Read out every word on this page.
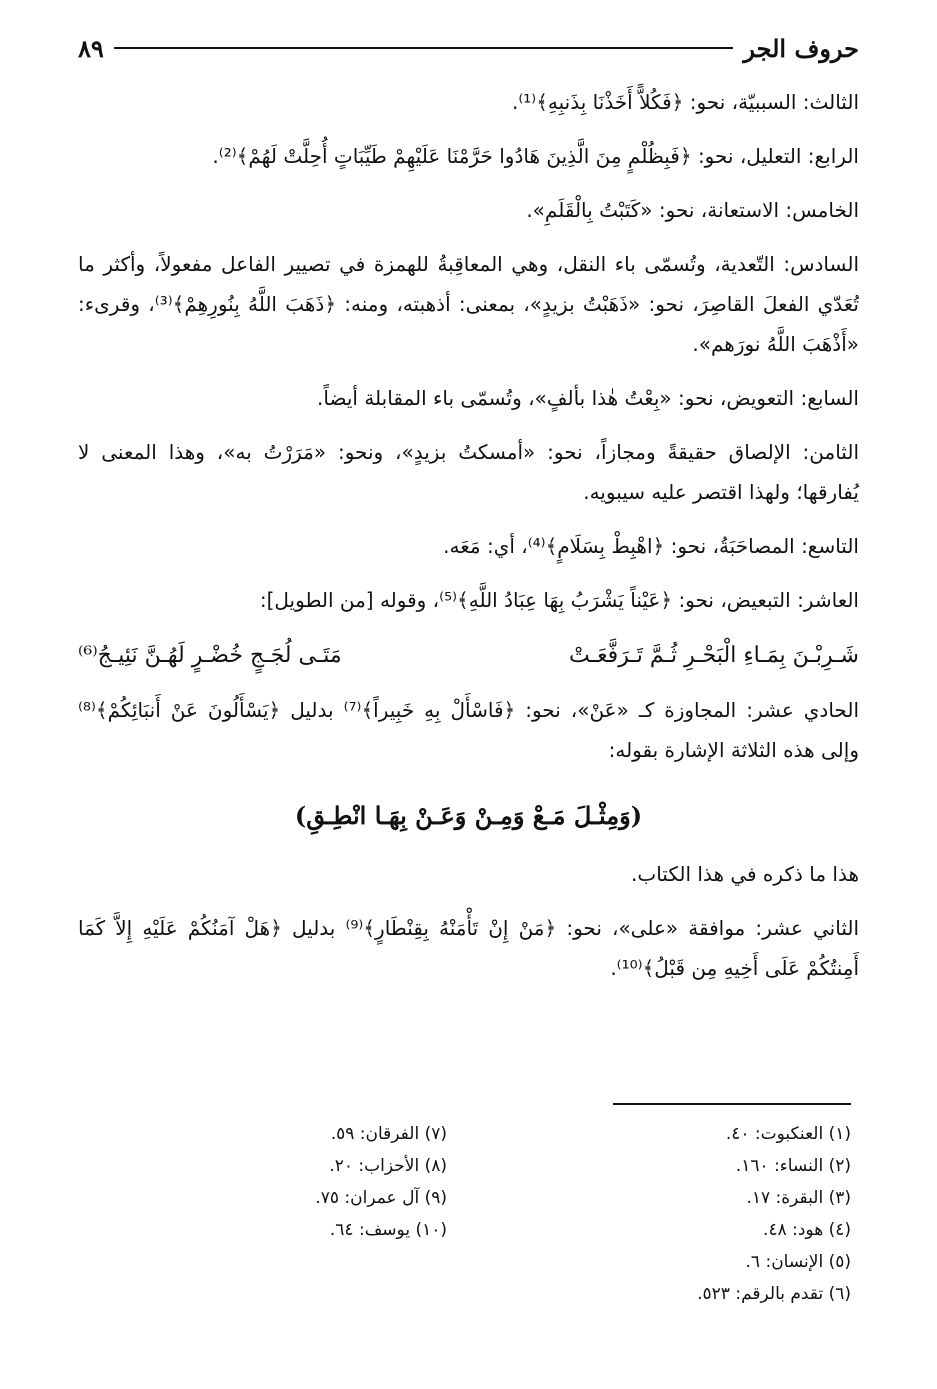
حروف الجر
٨٩

الثالث: السببيّة، نحو: ﴿فَكُلاًّ أَخَذْنَا بِذَنبِهِ﴾⁽¹⁾.

الرابع: التعليل، نحو: ﴿فَبِظُلْمٍ مِنَ الَّذِينَ هَادُوا حَرَّمْنَا عَلَيْهِمْ طَيِّبَاتٍ أُحِلَّتْ لَهُمْ﴾⁽²⁾.

الخامس: الاستعانة، نحو: «كَتَبْتُ بِالْقَلَمِ».

السادس: التّعدية، وتُسمّى باء النقل، وهي المعاقِبةُ للهمزة في تصيير الفاعل مفعولاً، وأكثر ما تُعَدّي الفعلَ القاصِرَ، نحو: «ذَهَبْتُ بزيدٍ»، بمعنى: أذهبته، ومنه: ﴿ذَهَبَ اللَّهُ بِنُورِهِمْ﴾⁽³⁾، وقرىء: «أَذْهَبَ اللَّهُ نورَهم».

السابع: التعويض، نحو: «بِعْتُ هٰذا بألفٍ»، وتُسمّى باء المقابلة أيضاً.

الثامن: الإلصاق حقيقةً ومجازاً، نحو: «أمسكتُ بزيدٍ»، ونحو: «مَرَرْتُ به»، وهذا المعنى لا يُفارقها؛ ولهذا اقتصر عليه سيبويه.

التاسع: المصاحَبَةُ، نحو: ﴿اهْبِطْ بِسَلَامٍ﴾⁽⁴⁾، أي: مَعَه.

العاشر: التبعيض، نحو: ﴿عَيْناً يَشْرَبُ بِهَا عِبَادُ اللَّهِ﴾⁽⁵⁾، وقوله [من الطويل]:

شَـرِبْـنَ بِمَـاءِ الْبَحْـرِ ثُـمَّ تَـرَفَّعَـتْ
مَتَـى لُجَـجٍ خُضْـرٍ لَهُـنَّ نَئِيـجُ⁽⁶⁾

الحادي عشر: المجاوزة كـ «عَنْ»، نحو: ﴿فَاسْأَلْ بِهِ خَبِيراً﴾⁽⁷⁾ بدليل ﴿يَسْأَلُونَ عَنْ أَنبَائِكُمْ﴾⁽⁸⁾ وإلى هذه الثلاثة الإشارة بقوله:

(وَمِثْـلَ مَـعْ وَمِـنْ وَعَـنْ بِهَـا انْطِـقِ)

هذا ما ذكره في هذا الكتاب.

الثاني عشر: موافقة «على»، نحو: ﴿مَنْ إِنْ تَأْمَنْهُ بِقِنْطَارٍ﴾⁽⁹⁾ بدليل ﴿هَلْ آمَنُكُمْ عَلَيْهِ إِلاَّ كَمَا أَمِنتُكُمْ عَلَى أَخِيهِ مِن قَبْلُ﴾⁽¹⁰⁾.

(١) العنكبوت: ٤٠.
(٢) النساء: ١٦٠.
(٣) البقرة: ١٧.
(٤) هود: ٤٨.
(٥) الإنسان: ٦.
(٦) تقدم بالرقم: ٥٢٣.
(٧) الفرقان: ٥٩.
(٨) الأحزاب: ٢٠.
(٩) آل عمران: ٧٥.
(١٠) يوسف: ٦٤.
